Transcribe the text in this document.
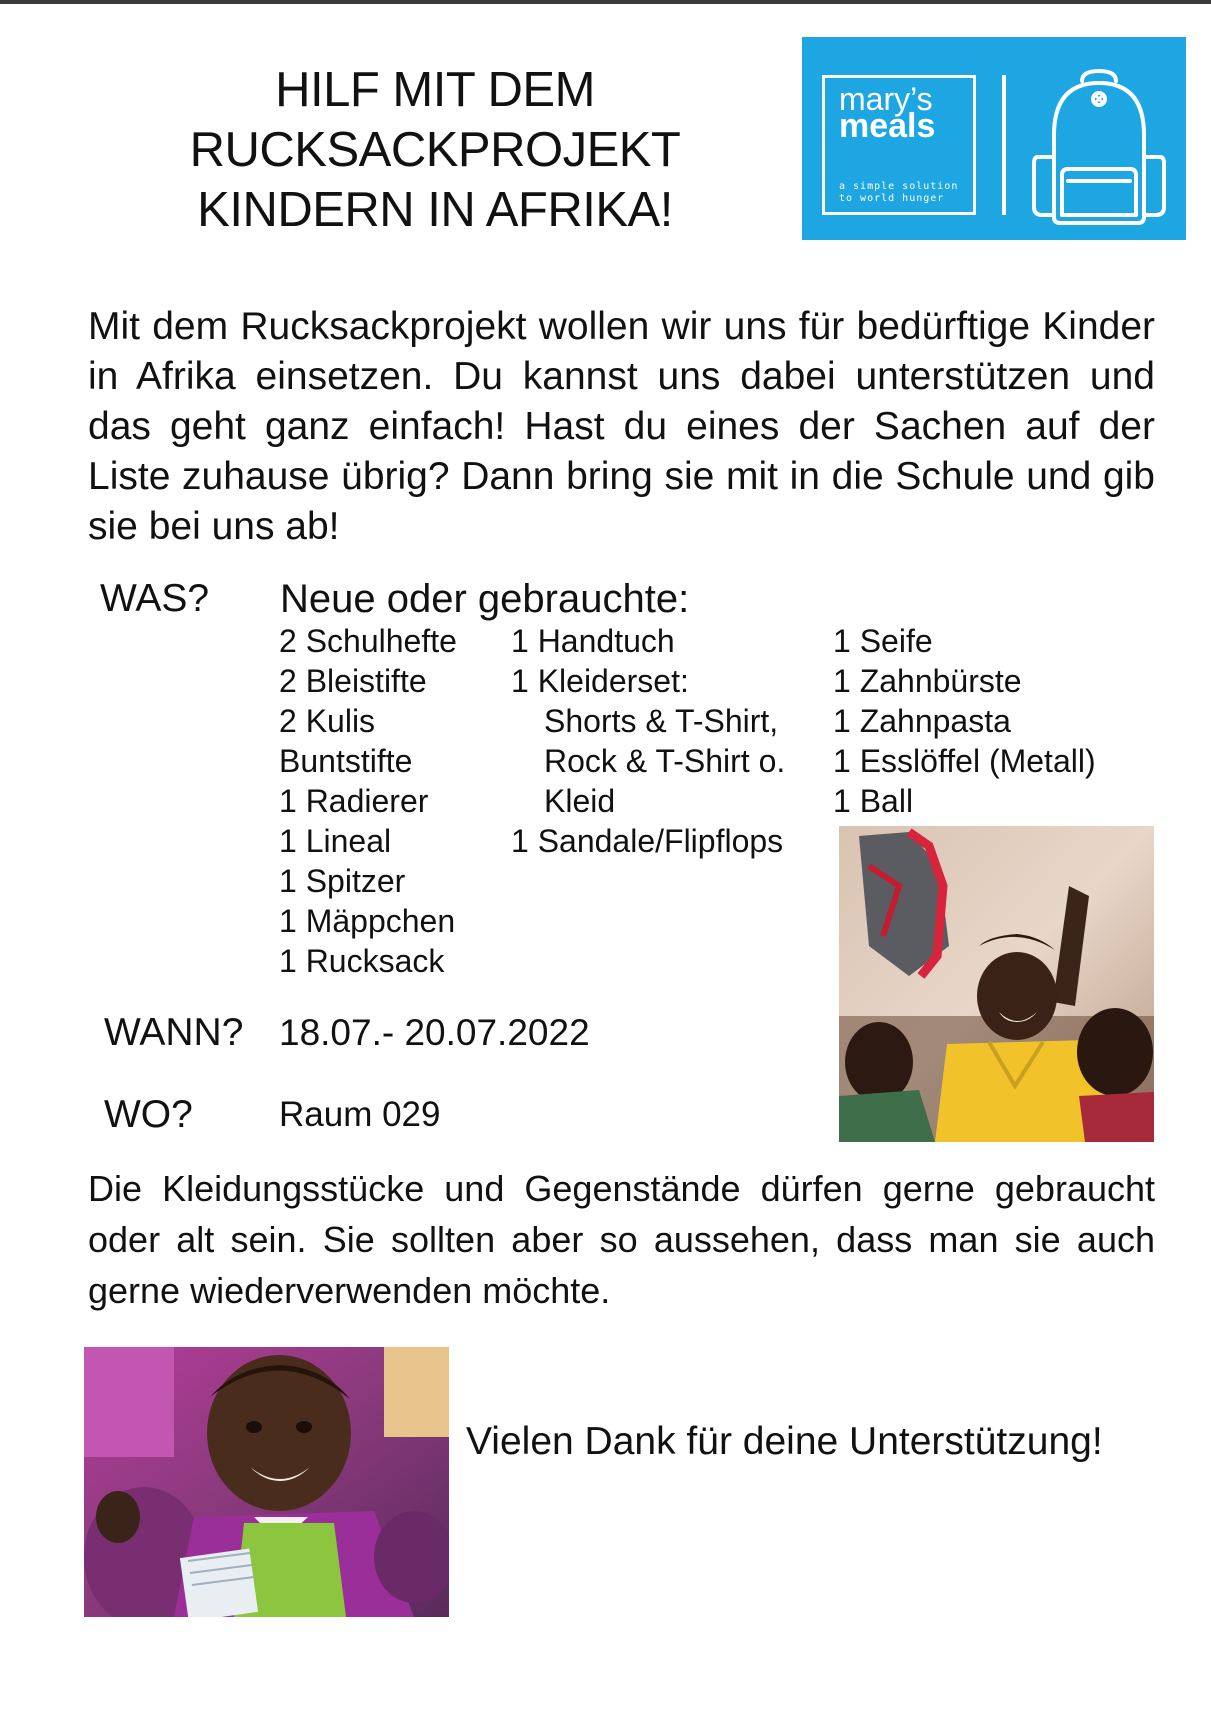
HILF MIT DEM
RUCKSACKPROJEKT
KINDERN IN AFRIKA!
mary’s
meals
a simple solution
to world hunger
Mit dem Rucksackprojekt wollen wir uns für bedürftige Kinder in Afrika einsetzen. Du kannst uns dabei unterstützen und das geht ganz einfach! Hast du eines der Sachen auf der Liste zuhause übrig? Dann bring sie mit in die Schule und gib sie bei uns ab!
WAS? Neue oder gebrauchte:
2 Schulhefte
2 Bleistifte
2 Kulis
Buntstifte
1 Radierer
1 Lineal
1 Spitzer
1 Mäppchen
1 Rucksack
1 Handtuch
1 Kleiderset:
Shorts & T-Shirt,
Rock & T-Shirt o.
Kleid
1 Sandale/Flipflops
1 Seife
1 Zahnbürste
1 Zahnpasta
1 Esslöffel (Metall)
1 Ball
WANN? 18.07.- 20.07.2022
WO? Raum 029
Die Kleidungsstücke und Gegenstände dürfen gerne gebraucht oder alt sein. Sie sollten aber so aussehen, dass man sie auch gerne wiederverwenden möchte.
Vielen Dank für deine Unterstützung!
